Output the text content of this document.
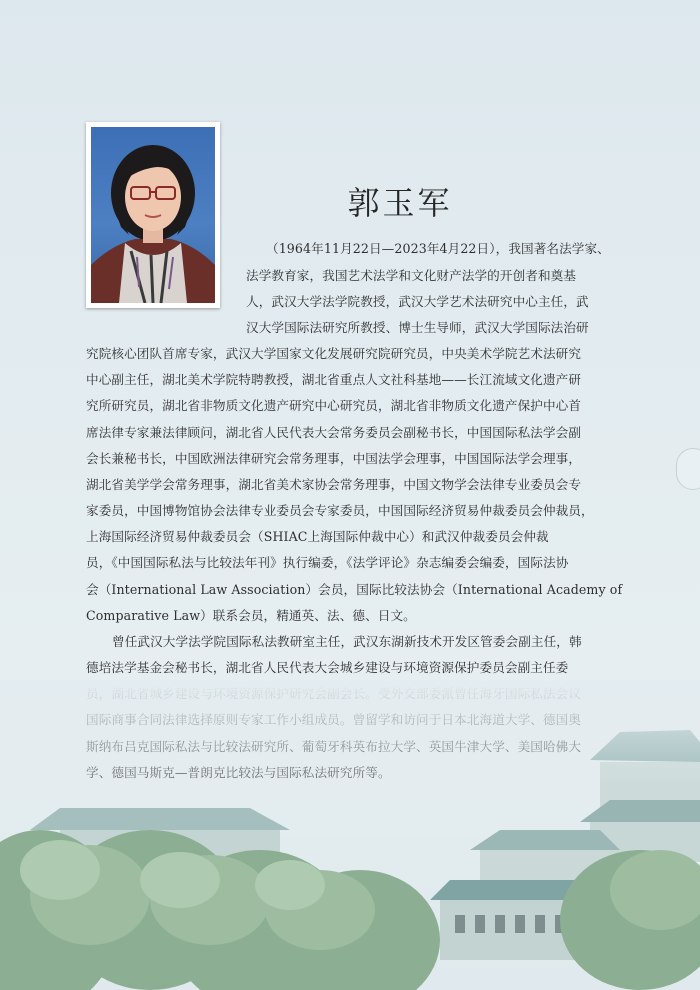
郭玉军
（1964年11月22日—2023年4月22日），我国著名法学家、
法学教育家，我国艺术法学和文化财产法学的开创者和奠基
人，武汉大学法学院教授，武汉大学艺术法研究中心主任，武
汉大学国际法研究所教授、博士生导师，武汉大学国际法治研
究院核心团队首席专家，武汉大学国家文化发展研究院研究员，中央美术学院艺术法研究
中心副主任，湖北美术学院特聘教授，湖北省重点人文社科基地——长江流域文化遗产研
究所研究员，湖北省非物质文化遗产研究中心研究员，湖北省非物质文化遗产保护中心首
席法律专家兼法律顾问，湖北省人民代表大会常务委员会副秘书长，中国国际私法学会副
会长兼秘书长，中国欧洲法律研究会常务理事，中国法学会理事，中国国际法学会理事，
湖北省美学学会常务理事，湖北省美术家协会常务理事，中国文物学会法律专业委员会专
家委员，中国博物馆协会法律专业委员会专家委员，中国国际经济贸易仲裁委员会仲裁员，
上海国际经济贸易仲裁委员会（SHIAC上海国际仲裁中心）和武汉仲裁委员会仲裁
员，《中国国际私法与比较法年刊》执行编委，《法学评论》杂志编委会编委，国际法协
会（International Law Association）会员，国际比较法协会（International Academy of
Comparative Law）联系会员，精通英、法、德、日文。
曾任武汉大学法学院国际私法教研室主任，武汉东湖新技术开发区管委会副主任，韩
德培法学基金会秘书长，湖北省人民代表大会城乡建设与环境资源保护委员会副主任委
